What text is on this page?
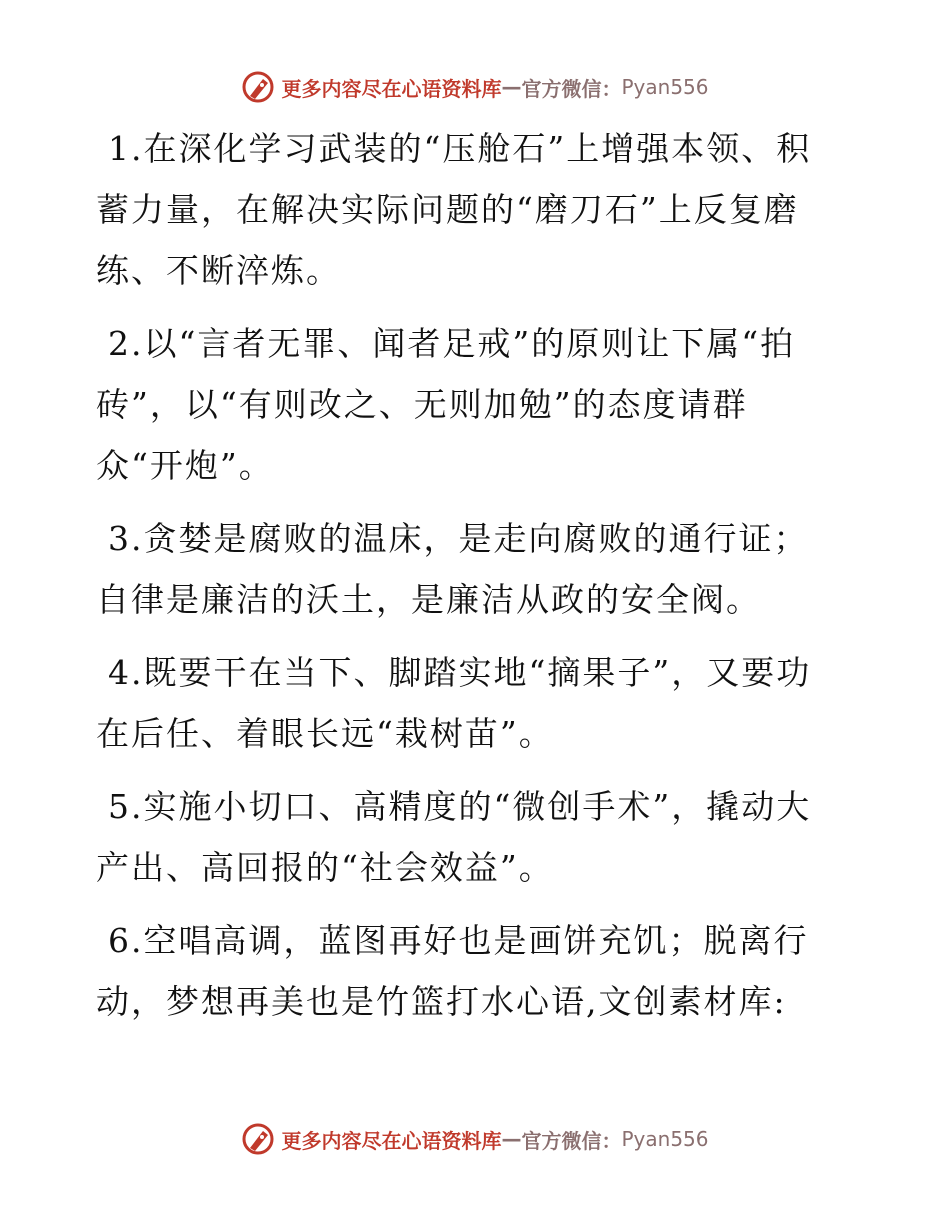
更多内容尽在心语资料库 — 官方微信： Pyan556

1.在深化学习武装的“压舱石”上增强本领、积蓄力量，在解决实际问题的“磨刀石”上反复磨练、不断淬炼。

2.以“言者无罪、闻者足戒”的原则让下属“拍砖”，以“有则改之、无则加勉”的态度请群众“开炮”。

3.贪婪是腐败的温床，是走向腐败的通行证；自律是廉洁的沃土，是廉洁从政的安全阀。

4.既要干在当下、脚踏实地“摘果子”，又要功在后任、着眼长远“栽树苗”。

5.实施小切口、高精度的“微创手术”，撬动大产出、高回报的“社会效益”。

6.空唱高调，蓝图再好也是画饼充饥；脱离行动，梦想再美也是竹篮打水心语,文创素材库:

更多内容尽在心语资料库 — 官方微信： Pyan556
